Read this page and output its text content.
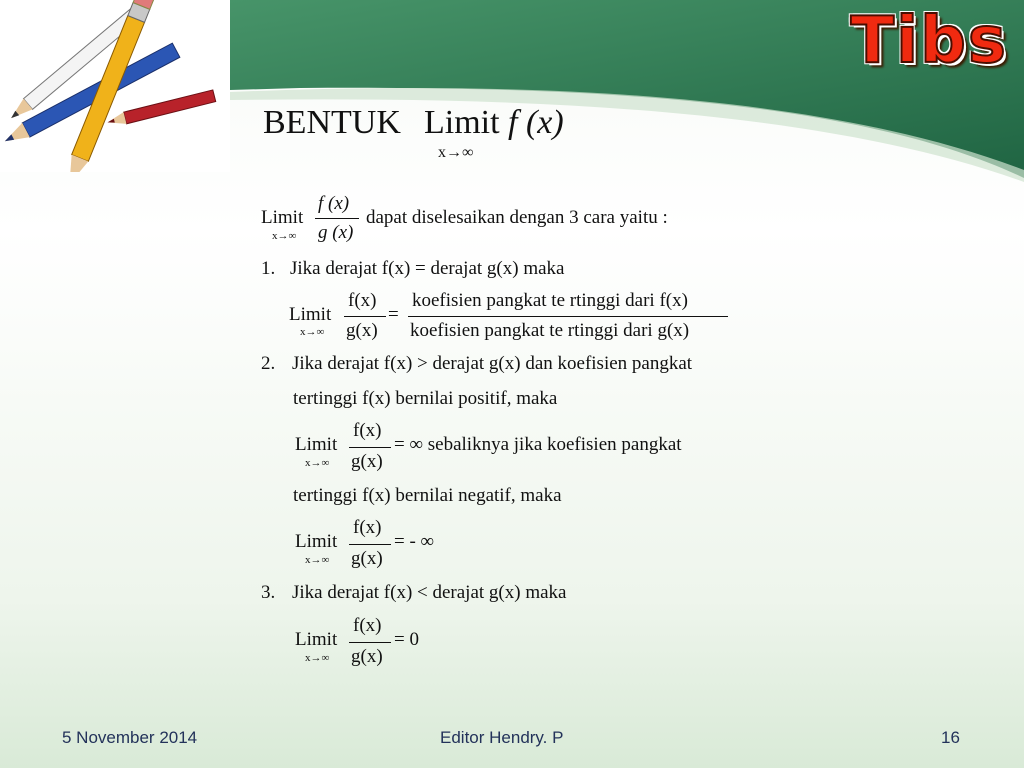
Tibs
BENTUK Limit f (x)
x→∞
Limit
x→∞
f (x)
g (x)
dapat diselesaikan dengan 3 cara yaitu :
1. Jika derajat f(x) = derajat g(x) maka
Limit
x→∞
f(x)
g(x)
=
koefisien pangkat te rtinggi dari f(x)
koefisien pangkat te rtinggi dari g(x)
2. Jika derajat f(x) > derajat g(x) dan koefisien pangkat
tertinggi f(x) bernilai positif, maka
Limit
x→∞
f(x)
g(x)
= ∞ sebaliknya jika koefisien pangkat
tertinggi f(x) bernilai negatif, maka
Limit
x→∞
f(x)
g(x)
= - ∞
3. Jika derajat f(x) < derajat g(x) maka
Limit
x→∞
f(x)
g(x)
= 0
5 November 2014	Editor Hendry. P	16
